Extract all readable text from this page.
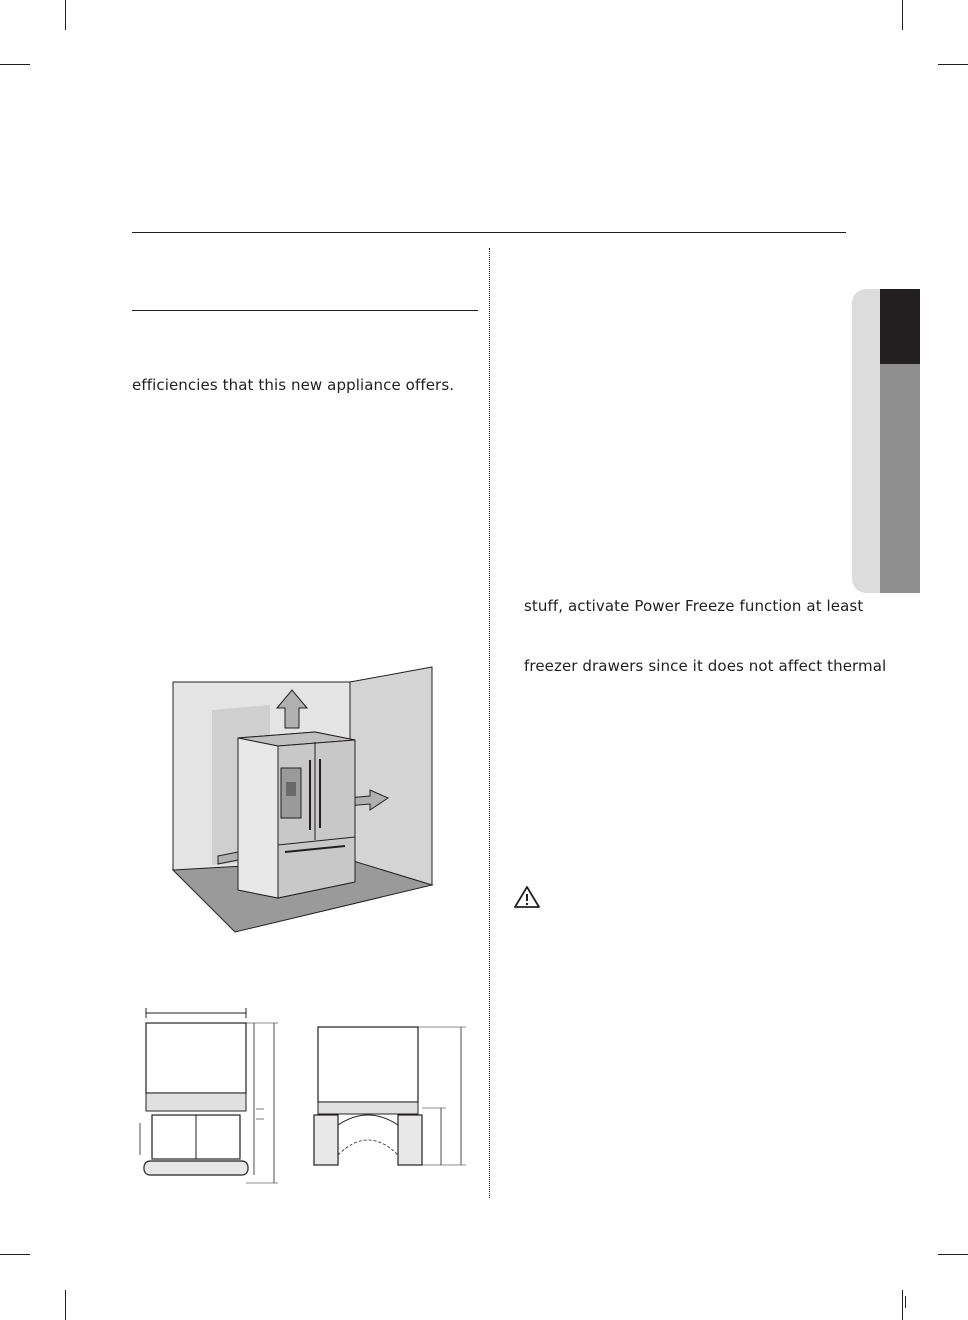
efficiencies that this new appliance offers.
stuff, activate Power Freeze function at least
freezer drawers since it does not affect thermal
